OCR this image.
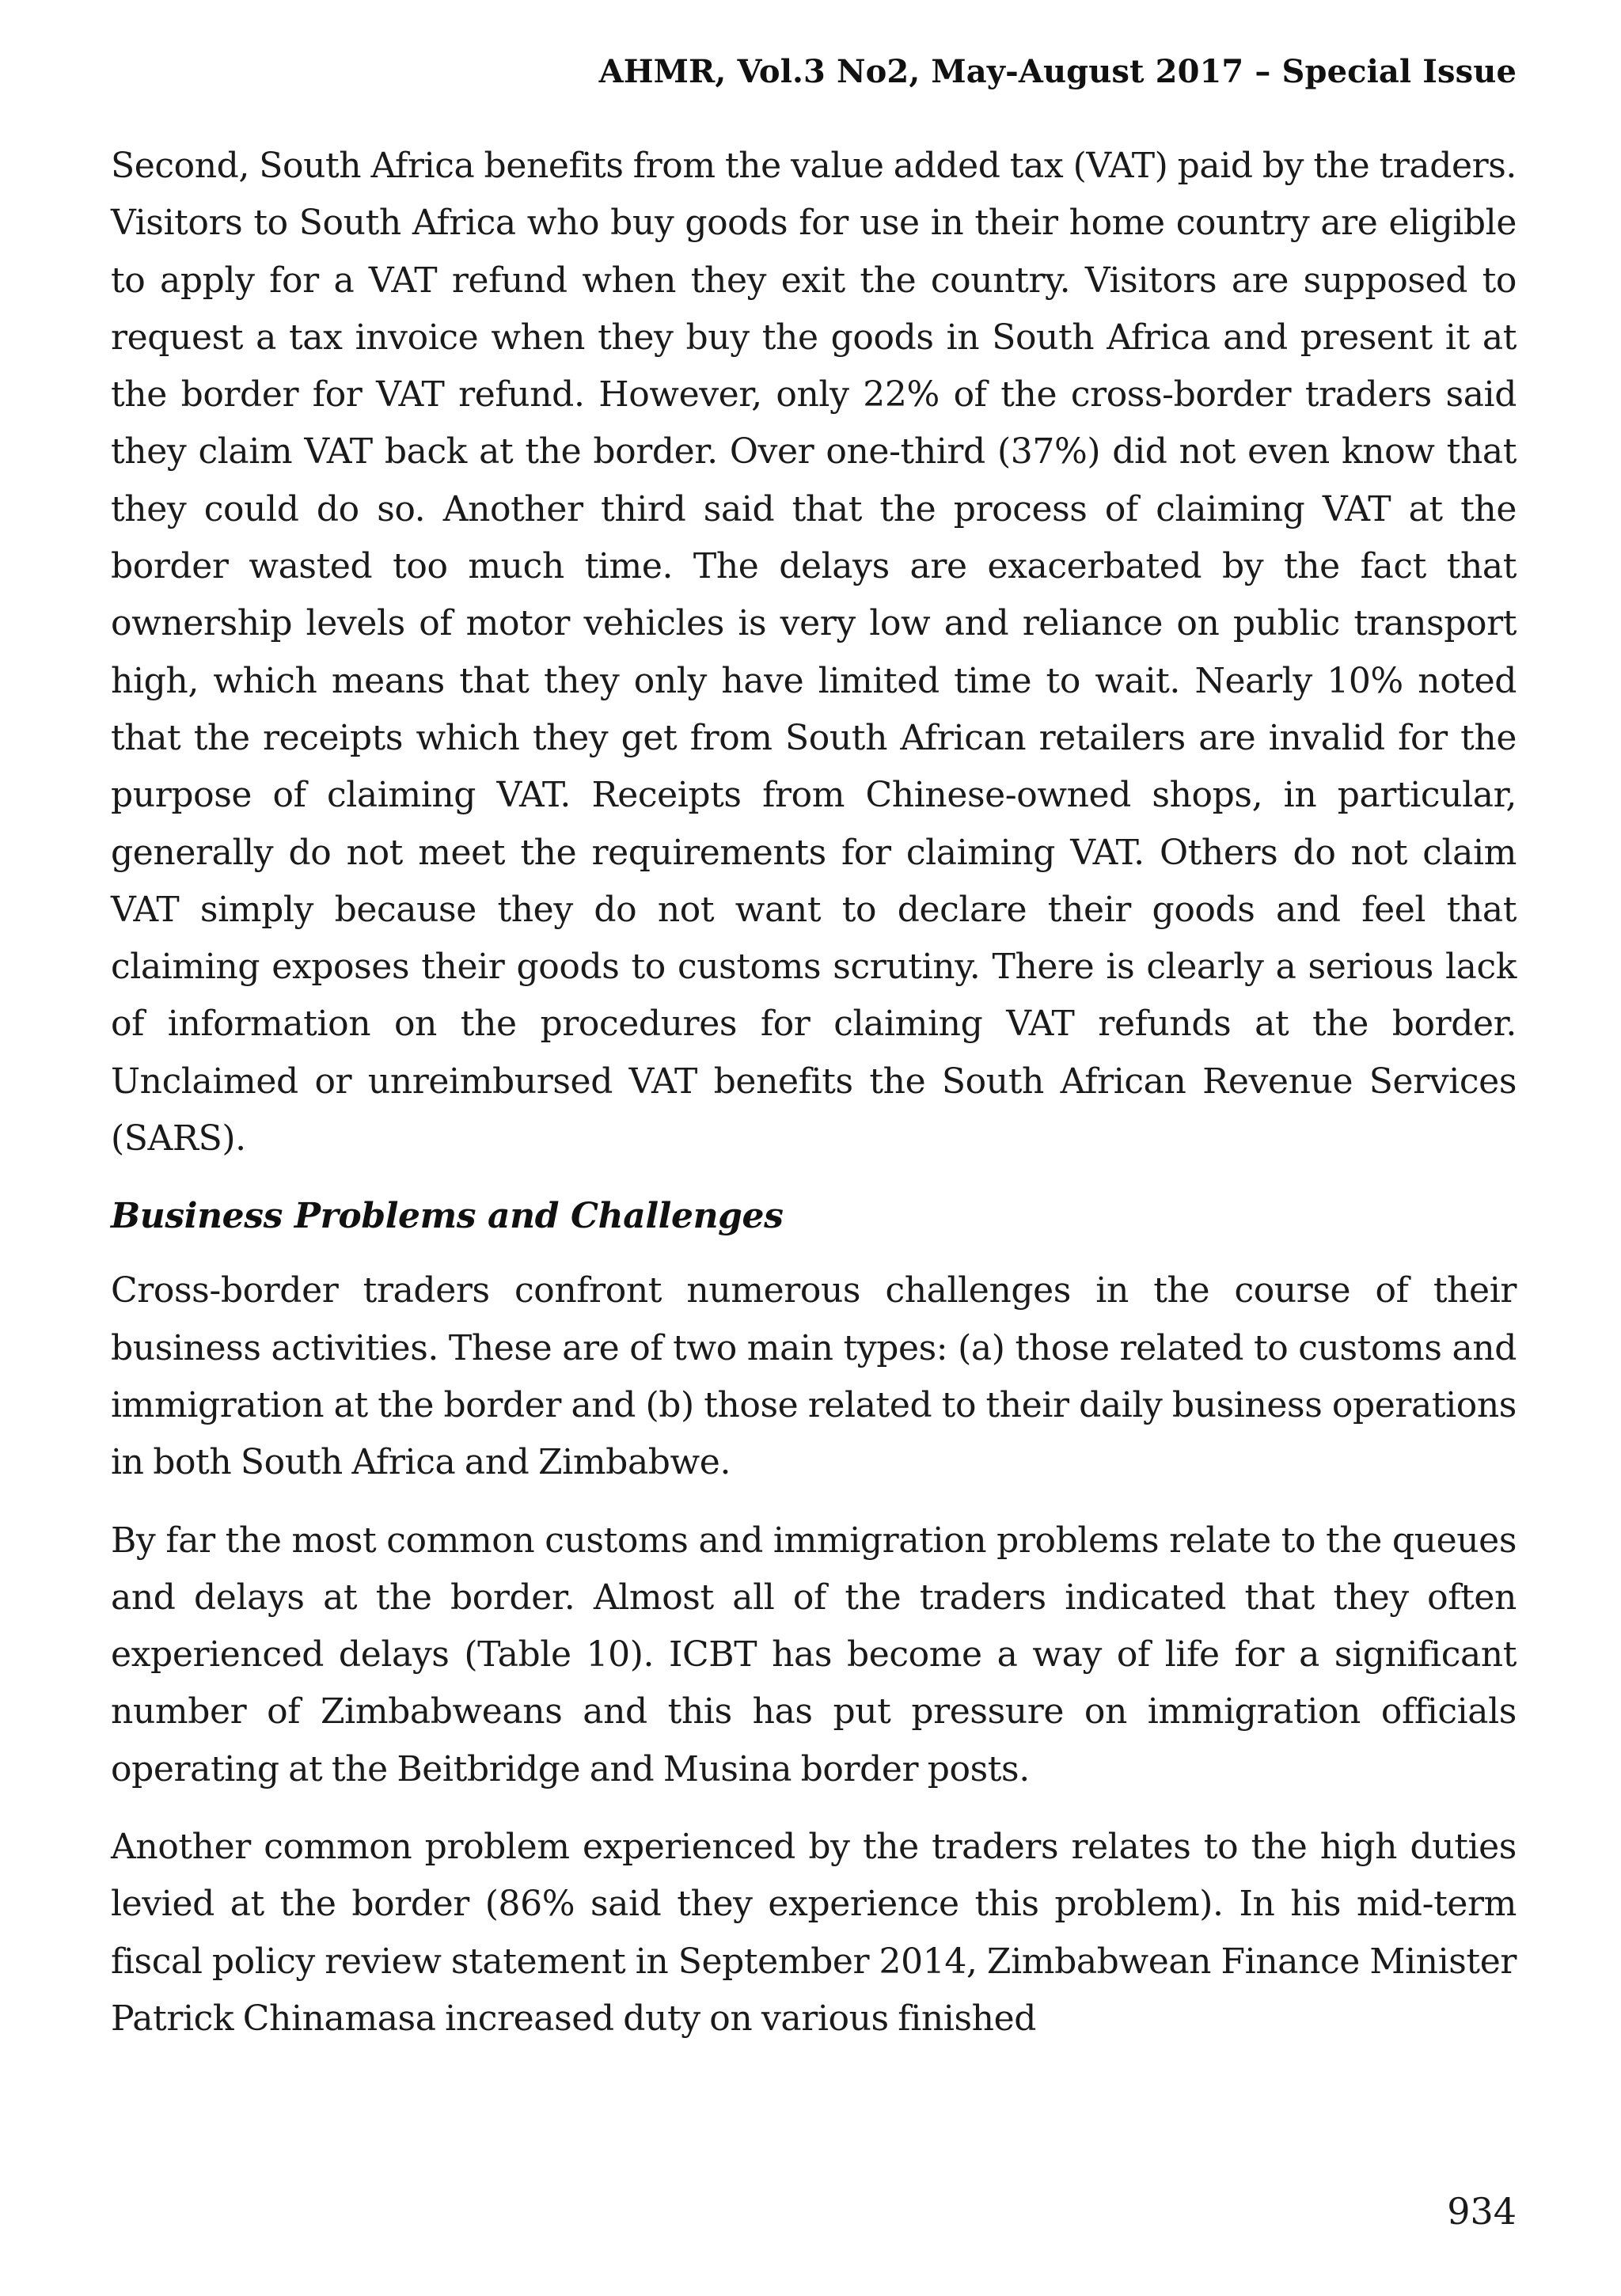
AHMR, Vol.3 No2, May-August 2017 – Special Issue

Second, South Africa benefits from the value added tax (VAT) paid by the traders. Visitors to South Africa who buy goods for use in their home country are eligible to apply for a VAT refund when they exit the country. Visitors are supposed to request a tax invoice when they buy the goods in South Africa and present it at the border for VAT refund. However, only 22% of the cross-border traders said they claim VAT back at the border. Over one-third (37%) did not even know that they could do so. Another third said that the process of claiming VAT at the border wasted too much time. The delays are exacerbated by the fact that ownership levels of motor vehicles is very low and reliance on public transport high, which means that they only have limited time to wait. Nearly 10% noted that the receipts which they get from South African retailers are invalid for the purpose of claiming VAT. Receipts from Chinese-owned shops, in particular, generally do not meet the requirements for claiming VAT. Others do not claim VAT simply because they do not want to declare their goods and feel that claiming exposes their goods to customs scrutiny. There is clearly a serious lack of information on the procedures for claiming VAT refunds at the border. Unclaimed or unreimbursed VAT benefits the South African Revenue Services (SARS).

Business Problems and Challenges

Cross-border traders confront numerous challenges in the course of their business activities. These are of two main types: (a) those related to customs and immigration at the border and (b) those related to their daily business operations in both South Africa and Zimbabwe.

By far the most common customs and immigration problems relate to the queues and delays at the border. Almost all of the traders indicated that they often experienced delays (Table 10). ICBT has become a way of life for a significant number of Zimbabweans and this has put pressure on immigration officials operating at the Beitbridge and Musina border posts.

Another common problem experienced by the traders relates to the high duties levied at the border (86% said they experience this problem). In his mid-term fiscal policy review statement in September 2014, Zimbabwean Finance Minister Patrick Chinamasa increased duty on various finished

934
